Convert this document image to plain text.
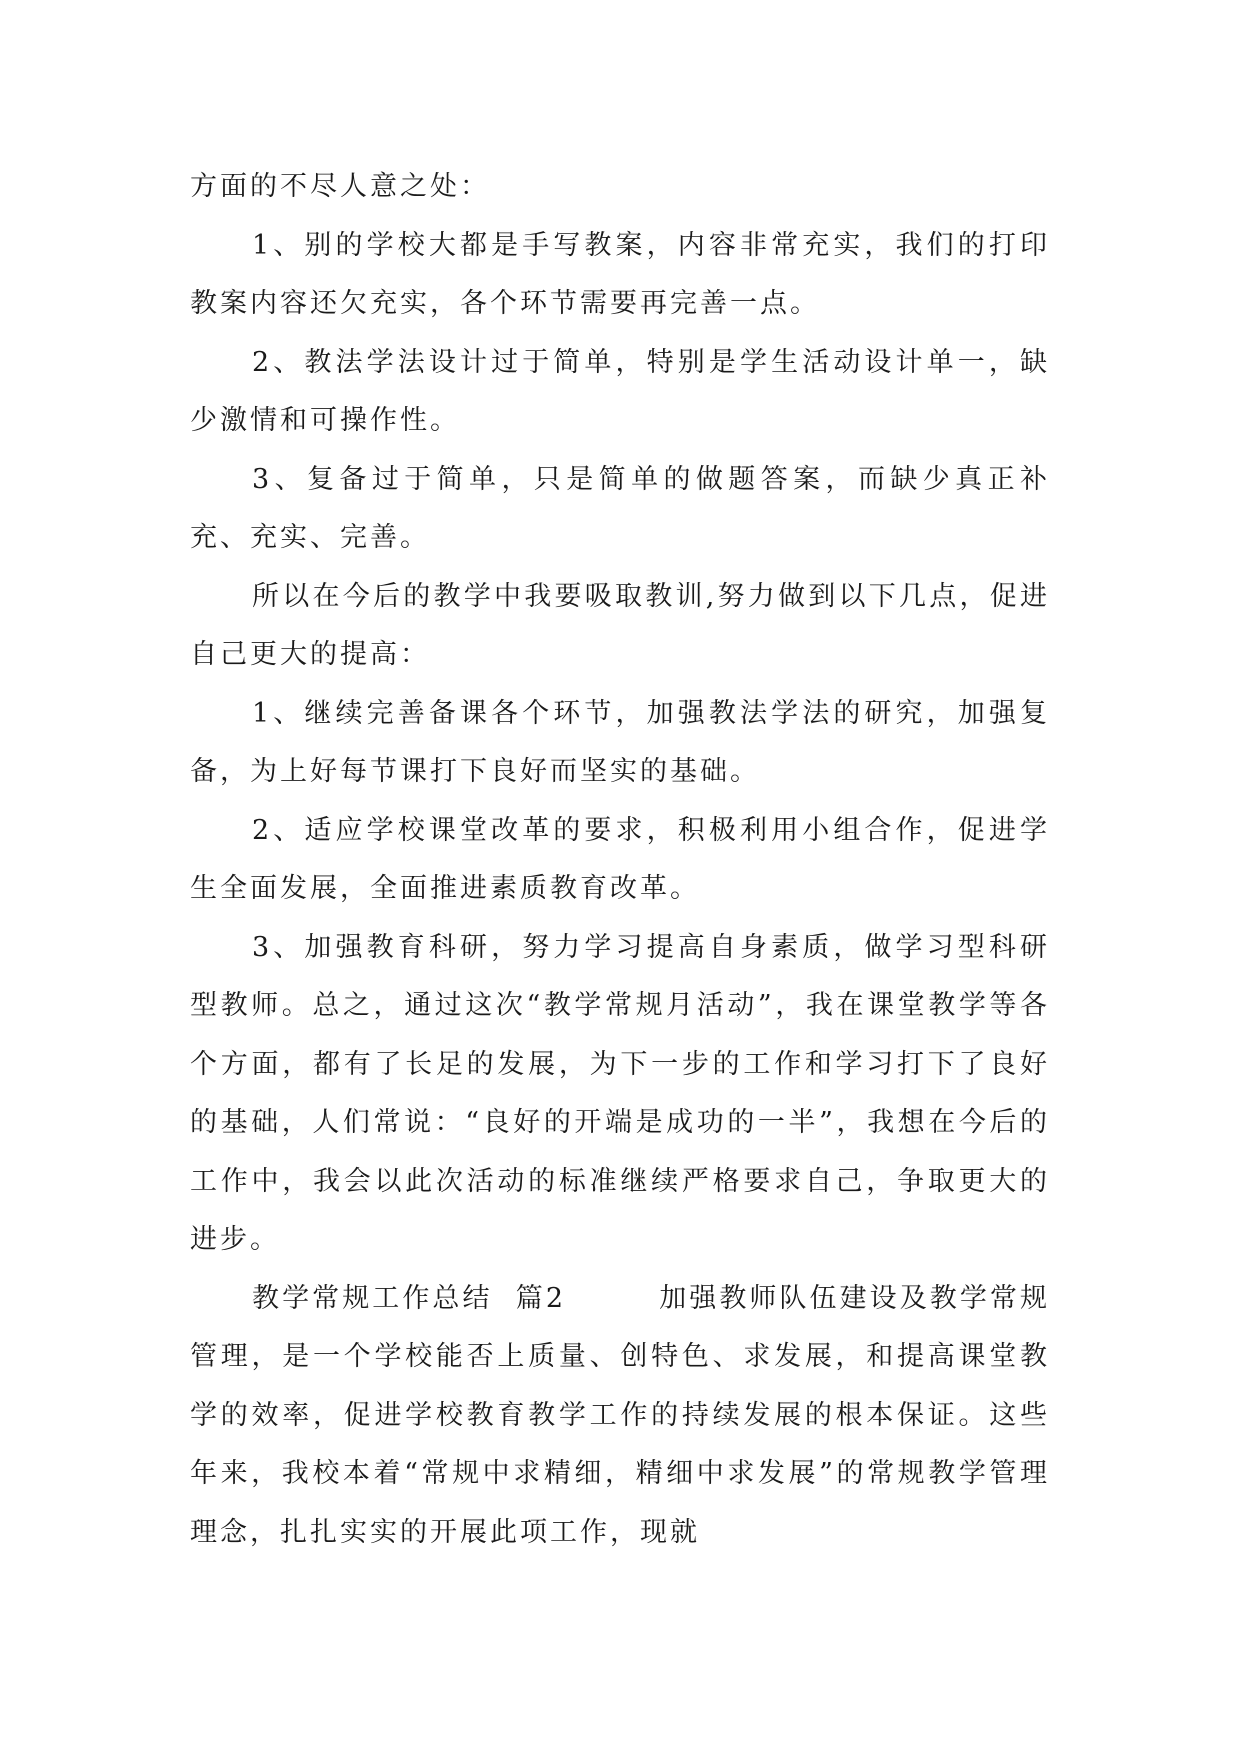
方面的不尽人意之处：

1、别的学校大都是手写教案，内容非常充实，我们的打印教案内容还欠充实，各个环节需要再完善一点。

2、教法学法设计过于简单，特别是学生活动设计单一，缺少激情和可操作性。

3、复备过于简单，只是简单的做题答案，而缺少真正补充、充实、完善。

所以在今后的教学中我要吸取教训,努力做到以下几点，促进自己更大的提高：

1、继续完善备课各个环节，加强教法学法的研究，加强复备，为上好每节课打下良好而坚实的基础。

2、适应学校课堂改革的要求，积极利用小组合作，促进学生全面发展，全面推进素质教育改革。

3、加强教育科研，努力学习提高自身素质，做学习型科研型教师。总之，通过这次“教学常规月活动”，我在课堂教学等各个方面，都有了长足的发展，为下一步的工作和学习打下了良好的基础，人们常说：“良好的开端是成功的一半”，我想在今后的工作中，我会以此次活动的标准继续严格要求自己，争取更大的进步。

教学常规工作总结  篇2        加强教师队伍建设及教学常规管理，是一个学校能否上质量、创特色、求发展，和提高课堂教学的效率，促进学校教育教学工作的持续发展的根本保证。这些年来，我校本着“常规中求精细，精细中求发展”的常规教学管理理念，扎扎实实的开展此项工作，现就
